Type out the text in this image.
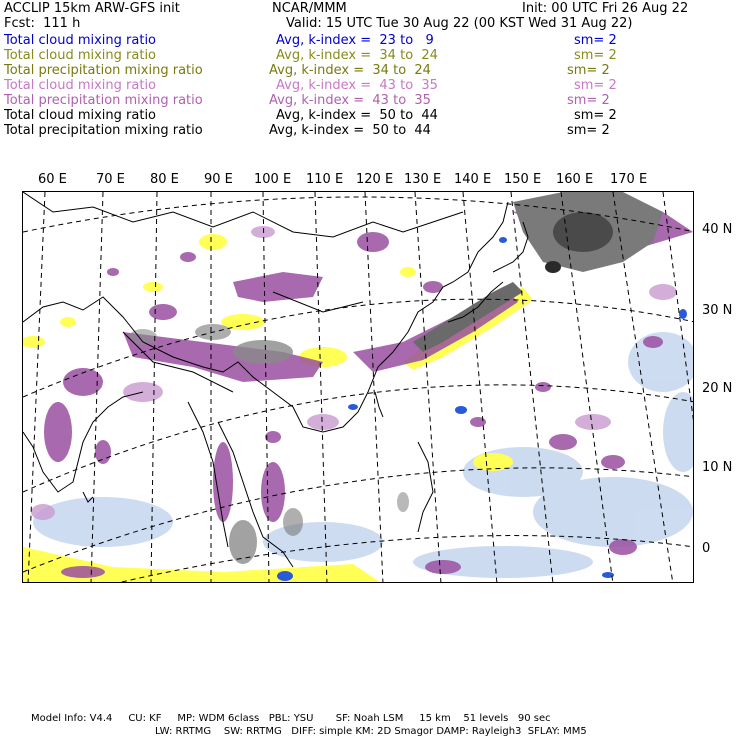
ACCLIP 15km ARW-GFS init	NCAR/MMM	Init: 00 UTC Fri 26 Aug 22
Fcst:  111 h	Valid: 15 UTC Tue 30 Aug 22 (00 KST Wed 31 Aug 22)
Total cloud mixing ratio	Avg, k-index =  23 to   9	sm= 2
Total cloud mixing ratio	Avg, k-index =  34 to  24	sm= 2
Total precipitation mixing ratio	Avg, k-index =  34 to  24	sm= 2
Total cloud mixing ratio	Avg, k-index =  43 to  35	sm= 2
Total precipitation mixing ratio	Avg, k-index =  43 to  35	sm= 2
Total cloud mixing ratio	Avg, k-index =  50 to  44	sm= 2
Total precipitation mixing ratio	Avg, k-index =  50 to  44	sm= 2
60 E 70 E 80 E 90 E 100 E 110 E 120 E 130 E 140 E 150 E 160 E 170 E
40 N
30 N
20 N
10 N
0
Model Info: V4.4     CU: KF     MP: WDM 6class   PBL: YSU       SF: Noah LSM     15 km    51 levels   90 sec
LW: RRTMG    SW: RRTMG   DIFF: simple KM: 2D Smagor DAMP: Rayleigh3  SFLAY: MM5
